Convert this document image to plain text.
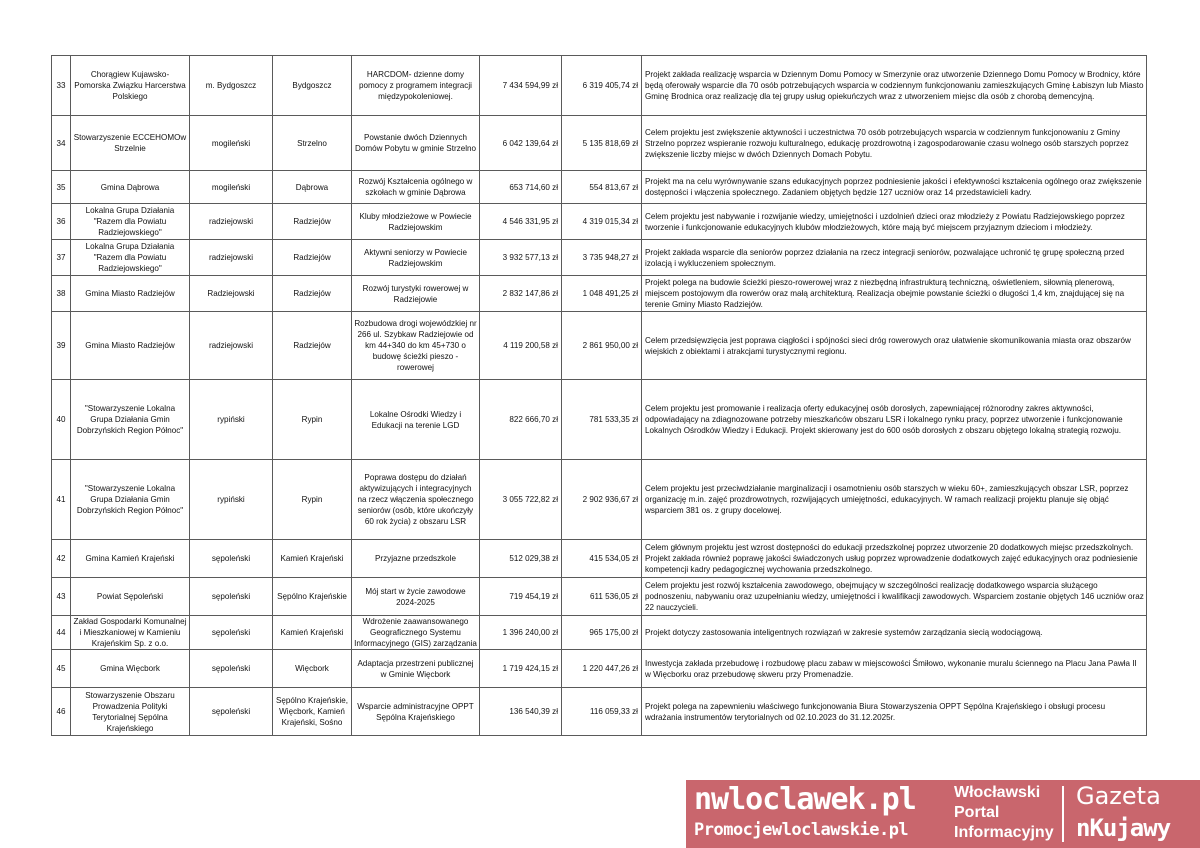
33	Chorągiew Kujawsko-Pomorska Związku Harcerstwa Polskiego	m. Bydgoszcz	Bydgoszcz	HARCDOM- dzienne domy pomocy z programem integracji międzypokoleniowej.	7 434 594,99 zł	6 319 405,74 zł	Projekt zakłada realizację wsparcia w Dziennym Domu Pomocy w Smerzynie oraz utworzenie Dziennego Domu Pomocy w Brodnicy, które będą oferowały wsparcie dla 70 osób potrzebujących wsparcia w codziennym funkcjonowaniu zamieszkujących Gminę Łabiszyn lub Miasto Gminę Brodnica oraz realizację dla tej grupy usług opiekuńczych wraz z utworzeniem miejsc dla osób z chorobą demencyjną.
34	Stowarzyszenie ECCEHOMOw Strzelnie	mogileński	Strzelno	Powstanie dwóch Dziennych Domów Pobytu w gminie Strzelno	6 042 139,64 zł	5 135 818,69 zł	Celem projektu jest zwiększenie aktywności i uczestnictwa 70 osób potrzebujących wsparcia w codziennym funkcjonowaniu z Gminy Strzelno poprzez wspieranie rozwoju kulturalnego, edukację prozdrowotną i zagospodarowanie czasu wolnego osób starszych poprzez zwiększenie liczby miejsc w dwóch Dziennych Domach Pobytu.
35	Gmina Dąbrowa	mogileński	Dąbrowa	Rozwój Kształcenia ogólnego w szkołach w gminie Dąbrowa	653 714,60 zł	554 813,67 zł	Projekt ma na celu wyrównywanie szans edukacyjnych poprzez podniesienie jakości i efektywności kształcenia ogólnego oraz zwiększenie dostępności i włączenia społecznego. Zadaniem objętych będzie 127 uczniów oraz 14 przedstawicieli kadry.
36	Lokalna Grupa Działania "Razem dla Powiatu Radziejowskiego"	radziejowski	Radziejów	Kluby młodzieżowe w Powiecie Radziejowskim	4 546 331,95 zł	4 319 015,34 zł	Celem projektu jest nabywanie i rozwijanie wiedzy, umiejętności i uzdolnień dzieci oraz młodzieży z Powiatu Radziejowskiego poprzez tworzenie i funkcjonowanie edukacyjnych klubów młodzieżowych, które mają być miejscem przyjaznym dzieciom i młodzieży.
37	Lokalna Grupa Działania "Razem dla Powiatu Radziejowskiego"	radziejowski	Radziejów	Aktywni seniorzy w Powiecie Radziejowskim	3 932 577,13 zł	3 735 948,27 zł	Projekt zakłada wsparcie dla seniorów poprzez działania na rzecz integracji seniorów, pozwalające uchronić tę grupę społeczną przed izolacją i wykluczeniem społecznym.
38	Gmina Miasto Radziejów	Radziejowski	Radziejów	Rozwój turystyki rowerowej w Radziejowie	2 832 147,86 zł	1 048 491,25 zł	Projekt polega na budowie ścieżki pieszo-rowerowej wraz z niezbędną infrastrukturą techniczną, oświetleniem, siłownią plenerową, miejscem postojowym dla rowerów oraz małą architekturą. Realizacja obejmie powstanie ścieżki o długości 1,4 km, znajdującej się na terenie Gminy Miasto Radziejów.
39	Gmina Miasto Radziejów	radziejowski	Radziejów	Rozbudowa drogi wojewódzkiej nr 266 ul. Szybkaw Radziejowie od km 44+340 do km 45+730 o budowę ścieżki pieszo - rowerowej	4 119 200,58 zł	2 861 950,00 zł	Celem przedsięwzięcia jest poprawa ciągłości i spójności sieci dróg rowerowych oraz ułatwienie skomunikowania miasta oraz obszarów wiejskich z obiektami i atrakcjami turystycznymi regionu.
40	"Stowarzyszenie Lokalna Grupa Działania Gmin Dobrzyńskich Region Północ"	rypiński	Rypin	Lokalne Ośrodki Wiedzy i Edukacji na terenie LGD	822 666,70 zł	781 533,35 zł	Celem projektu jest promowanie i realizacja oferty edukacyjnej osób dorosłych, zapewniającej różnorodny zakres aktywności, odpowiadający na zdiagnozowane potrzeby mieszkańców obszaru LSR i lokalnego rynku pracy, poprzez utworzenie i funkcjonowanie Lokalnych Ośrodków Wiedzy i Edukacji. Projekt skierowany jest do 600 osób dorosłych z obszaru objętego lokalną strategią rozwoju.
41	"Stowarzyszenie Lokalna Grupa Działania Gmin Dobrzyńskich Region Północ"	rypiński	Rypin	Poprawa dostępu do działań aktywizujących i integracyjnych na rzecz włączenia społecznego seniorów (osób, które ukończyły 60 rok życia) z obszaru LSR	3 055 722,82 zł	2 902 936,67 zł	Celem projektu jest przeciwdziałanie marginalizacji i osamotnieniu osób starszych w wieku 60+, zamieszkujących obszar LSR, poprzez organizację m.in. zajęć prozdrowotnych, rozwijających umiejętności, edukacyjnych. W ramach realizacji projektu planuje się objąć wsparciem 381 os. z grupy docelowej.
42	Gmina Kamień Krajeński	sępoleński	Kamień Krajeński	Przyjazne przedszkole	512 029,38 zł	415 534,05 zł	Celem głównym projektu jest wzrost dostępności do edukacji przedszkolnej poprzez utworzenie 20 dodatkowych miejsc przedszkolnych. Projekt zakłada również poprawę jakości świadczonych usług poprzez wprowadzenie dodatkowych zajęć edukacyjnych oraz podniesienie kompetencji kadry pedagogicznej wychowania przedszkolnego.
43	Powiat Sępoleński	sępoleński	Sępólno Krajeńskie	Mój start w życie zawodowe 2024-2025	719 454,19 zł	611 536,05 zł	Celem projektu jest rozwój kształcenia zawodowego, obejmujący w szczególności realizację dodatkowego wsparcia służącego podnoszeniu, nabywaniu oraz uzupełnianiu wiedzy, umiejętności i kwalifikacji zawodowych. Wsparciem zostanie objętych 146 uczniów oraz 22 nauczycieli.
44	Zakład Gospodarki Komunalnej i Mieszkaniowej w Kamieniu Krajeńskim Sp. z o.o.	sępoleński	Kamień Krajeński	Wdrożenie zaawansowanego Geograficznego Systemu Informacyjnego (GIS) zarządzania	1 396 240,00 zł	965 175,00 zł	Projekt dotyczy zastosowania inteligentnych rozwiązań w zakresie systemów zarządzania siecią wodociągową.
45	Gmina Więcbork	sępoleński	Więcbork	Adaptacja przestrzeni publicznej w Gminie Więcbork	1 719 424,15 zł	1 220 447,26 zł	Inwestycja zakłada przebudowę i rozbudowę placu zabaw w miejscowości Śmiłowo, wykonanie muralu ściennego na Placu Jana Pawła II w Więcborku oraz przebudowę skweru przy Promenadzie.
46	Stowarzyszenie Obszaru Prowadzenia Polityki Terytorialnej Sępólna Krajeńskiego	sępoleński	Sępólno Krajeńskie, Więcbork, Kamień Krajeński, Sośno	Wsparcie administracyjne OPPT Sępólna Krajeńskiego	136 540,39 zł	116 059,33 zł	Projekt polega na zapewnieniu właściwego funkcjonowania Biura Stowarzyszenia OPPT Sępólna Krajeńskiego i obsługi procesu wdrażania instrumentów terytorialnych od 02.10.2023 do 31.12.2025r.
nwloclawek.pl
Promocjewloclawskie.pl
Włocławski
Portal
Informacyjny
Gazeta
nKujawy
